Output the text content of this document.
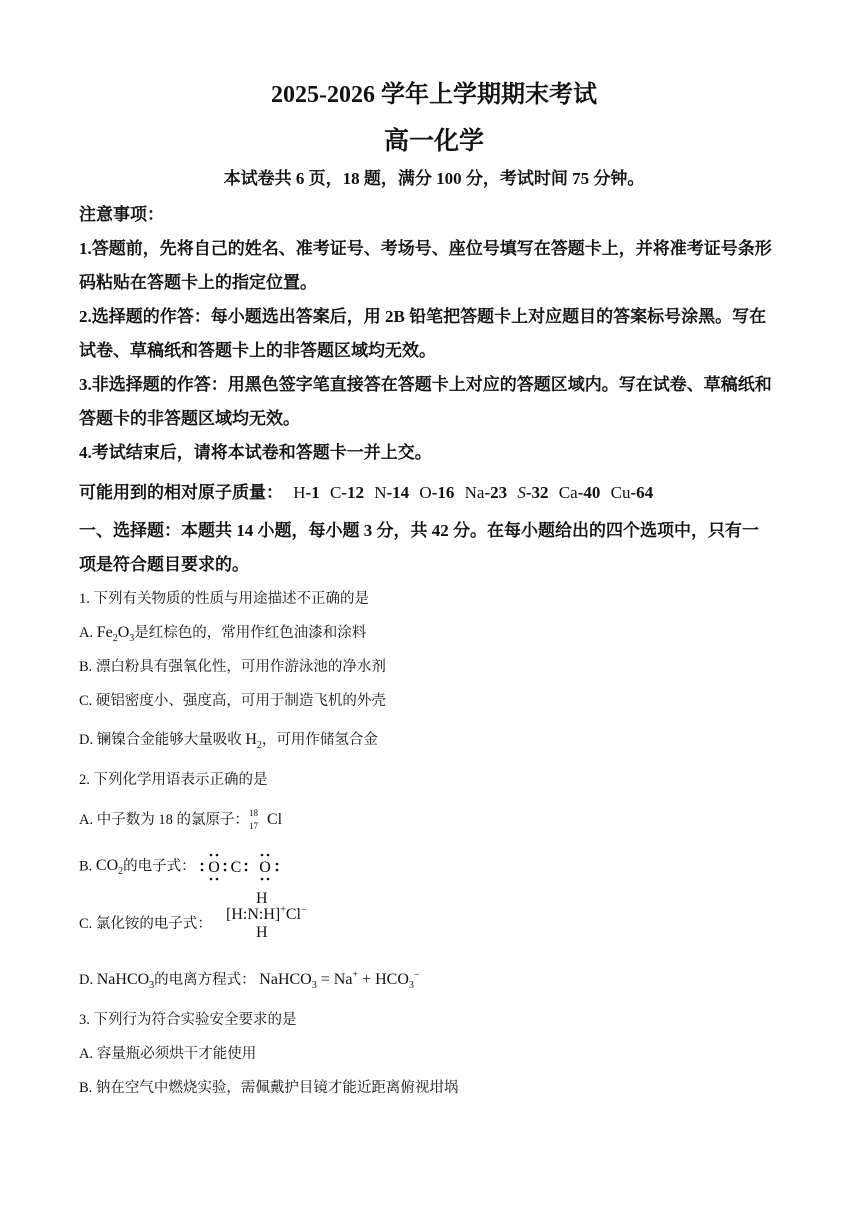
2025-2026 学年上学期期末考试
高一化学
本试卷共 6 页，18 题，满分 100 分，考试时间 75 分钟。
注意事项：
1.答题前，先将自己的姓名、准考证号、考场号、座位号填写在答题卡上，并将准考证号条形
码粘贴在答题卡上的指定位置。
2.选择题的作答：每小题选出答案后，用 2B 铅笔把答题卡上对应题目的答案标号涂黑。写在
试卷、草稿纸和答题卡上的非答题区域均无效。
3.非选择题的作答：用黑色签字笔直接答在答题卡上对应的答题区域内。写在试卷、草稿纸和
答题卡的非答题区域均无效。
4.考试结束后，请将本试卷和答题卡一并上交。
可能用到的相对原子质量： H-1 C-12 N-14 O-16 Na-23 S-32 Ca-40 Cu-64
一、选择题：本题共 14 小题，每小题 3 分，共 42 分。在每小题给出的四个选项中，只有一
项是符合题目要求的。
1. 下列有关物质的性质与用途描述不正确的是
A. $Fe_2O_3$是红棕色的，常用作红色油漆和涂料
B. 漂白粉具有强氧化性，可用作游泳池的净水剂
C. 硬铝密度小、强度高，可用于制造飞机的外壳
D. 镧镍合金能够大量吸收 $H_2$，可用作储氢合金
2. 下列化学用语表示正确的是
A. 中子数为 18 的氯原子： 18
17 Cl
B. $CO_2$的电子式： O C O
C. 氯化铵的电子式：
H
[H:N:H]+Cl−
H
D. NaHCO$_3$的电离方程式： NaHCO$_3$ = $Na^+ + HCO_3^-$
3. 下列行为符合实验安全要求的是
A. 容量瓶必须烘干才能使用
B. 钠在空气中燃烧实验，需佩戴护目镜才能近距离俯视坩埚
